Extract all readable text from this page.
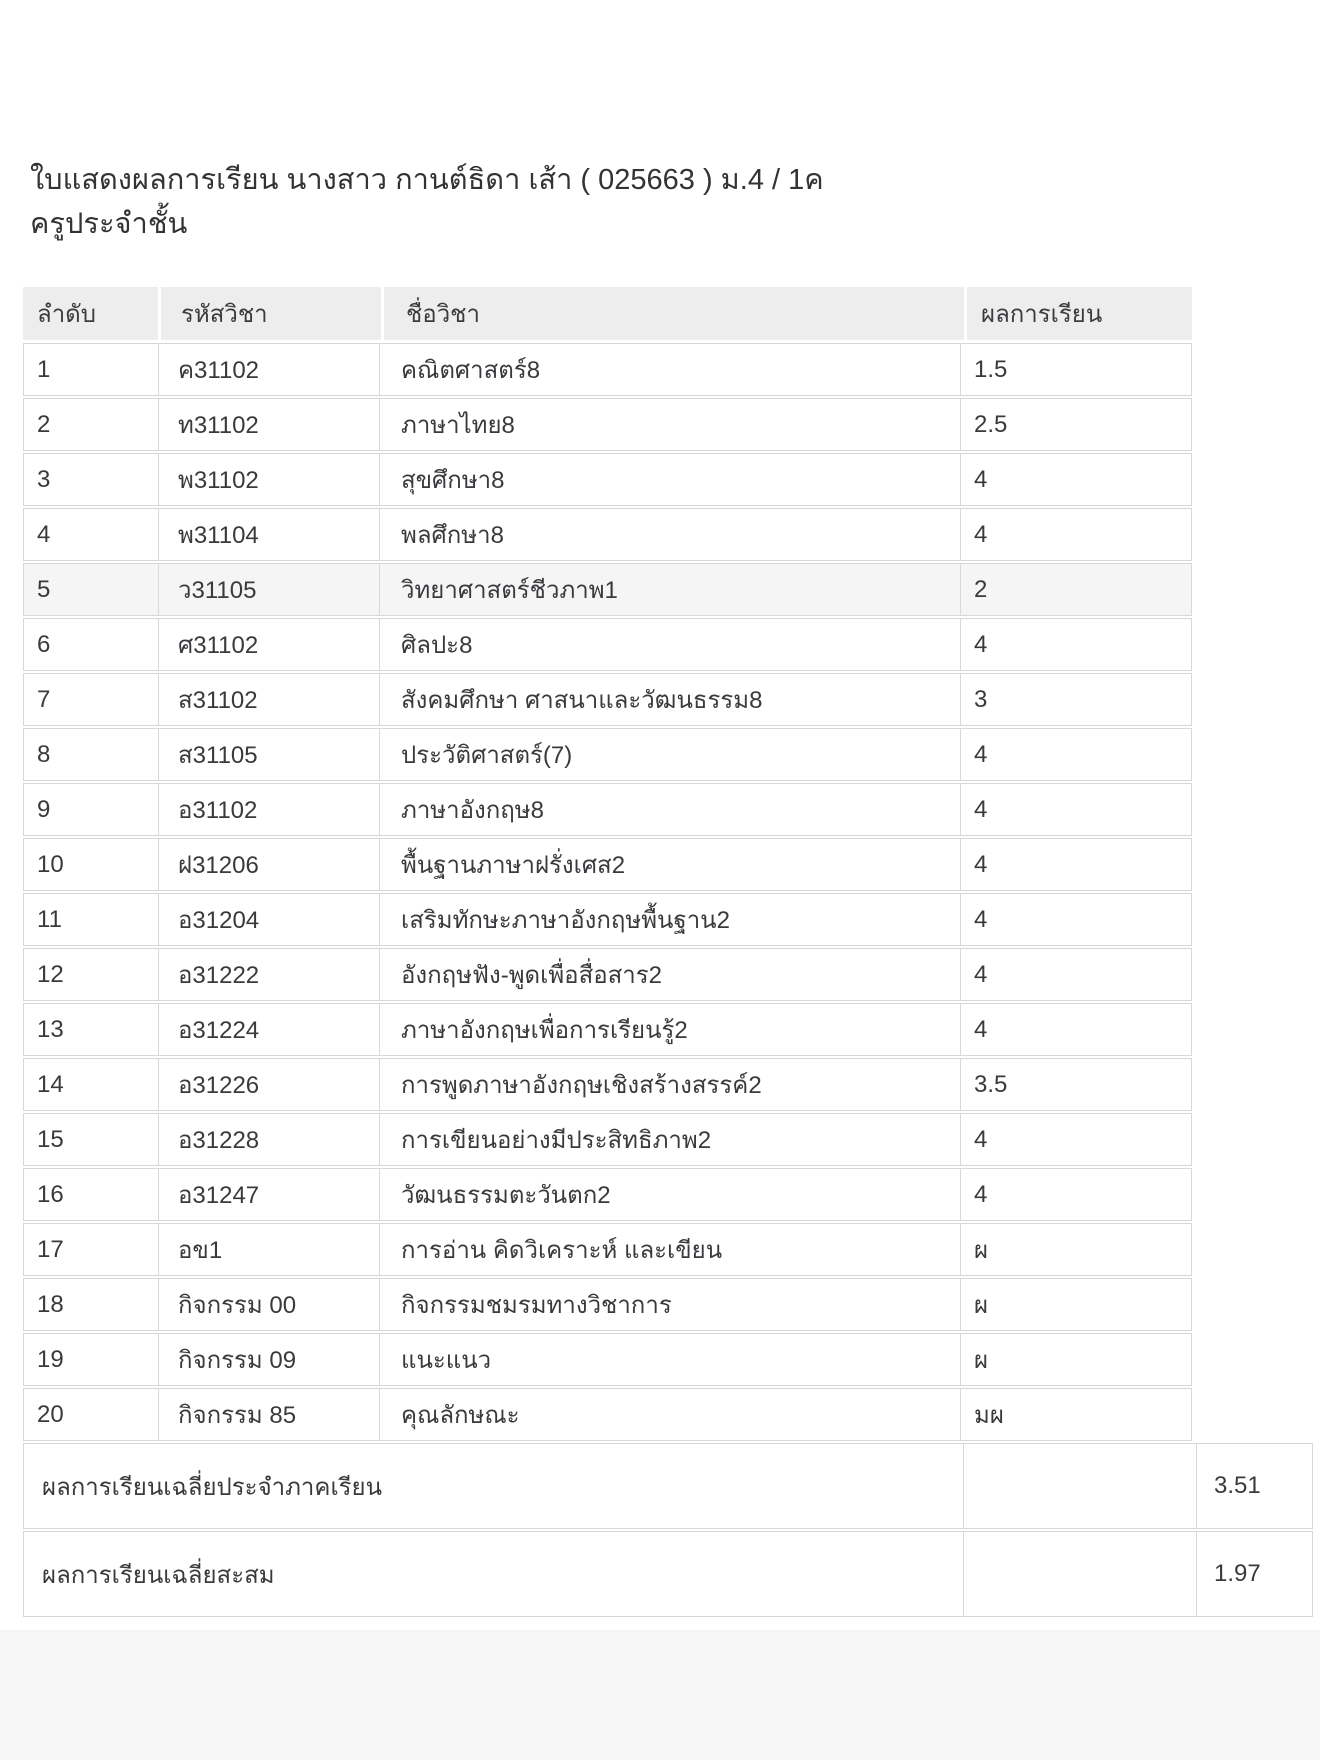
ใบแสดงผลการเรียน นางสาว กานต์ธิดา เส้า ( 025663 ) ม.4 / 1ค
ครูประจำชั้น
ลำดับ	รหัสวิชา	ชื่อวิชา	ผลการเรียน
1	ค31102	คณิตศาสตร์8	1.5
2	ท31102	ภาษาไทย8	2.5
3	พ31102	สุขศึกษา8	4
4	พ31104	พลศึกษา8	4
5	ว31105	วิทยาศาสตร์ชีวภาพ1	2
6	ศ31102	ศิลปะ8	4
7	ส31102	สังคมศึกษา ศาสนาและวัฒนธรรม8	3
8	ส31105	ประวัติศาสตร์(7)	4
9	อ31102	ภาษาอังกฤษ8	4
10	ฝ31206	พื้นฐานภาษาฝรั่งเศส2	4
11	อ31204	เสริมทักษะภาษาอังกฤษพื้นฐาน2	4
12	อ31222	อังกฤษฟัง-พูดเพื่อสื่อสาร2	4
13	อ31224	ภาษาอังกฤษเพื่อการเรียนรู้2	4
14	อ31226	การพูดภาษาอังกฤษเชิงสร้างสรรค์2	3.5
15	อ31228	การเขียนอย่างมีประสิทธิภาพ2	4
16	อ31247	วัฒนธรรมตะวันตก2	4
17	อข1	การอ่าน คิดวิเคราะห์ และเขียน	ผ
18	กิจกรรม 00	กิจกรรมชมรมทางวิชาการ	ผ
19	กิจกรรม 09	แนะแนว	ผ
20	กิจกรรม 85	คุณลักษณะ	มผ
ผลการเรียนเฉลี่ยประจำภาคเรียน	3.51
ผลการเรียนเฉลี่ยสะสม	1.97
